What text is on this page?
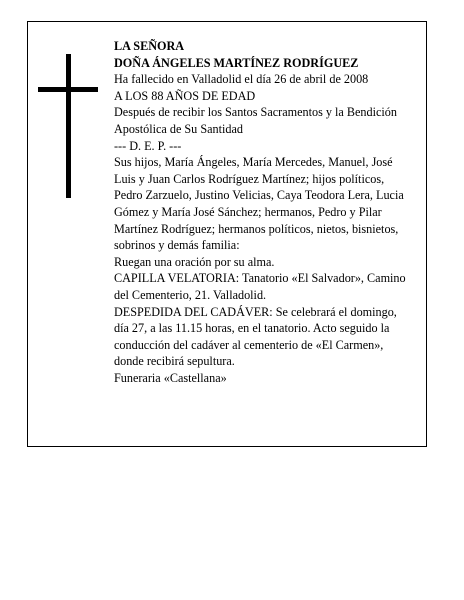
LA SEÑORA

DOÑA ÁNGELES MARTÍNEZ RODRÍGUEZ

Ha fallecido en Valladolid el día 26 de abril de 2008

A LOS 88 AÑOS DE EDAD

Después de recibir los Santos Sacramentos y la Bendición Apostólica de Su Santidad

--- D. E. P. ---

Sus hijos, María Ángeles, María Mercedes, Manuel, José Luis y Juan Carlos Rodríguez Martínez; hijos políticos, Pedro Zarzuelo, Justino Velicias, Caya Teodora Lera, Lucia Gómez y María José Sánchez; hermanos, Pedro y Pilar Martínez Rodríguez; hermanos políticos, nietos, bisnietos, sobrinos y demás familia:

Ruegan una oración por su alma.

CAPILLA VELATORIA: Tanatorio «El Salvador», Camino del Cementerio, 21. Valladolid.

DESPEDIDA DEL CADÁVER: Se celebrará el domingo, día 27, a las 11.15 horas, en el tanatorio. Acto seguido la conducción del cadáver al cementerio de «El Carmen», donde recibirá sepultura.

Funeraria «Castellana»
